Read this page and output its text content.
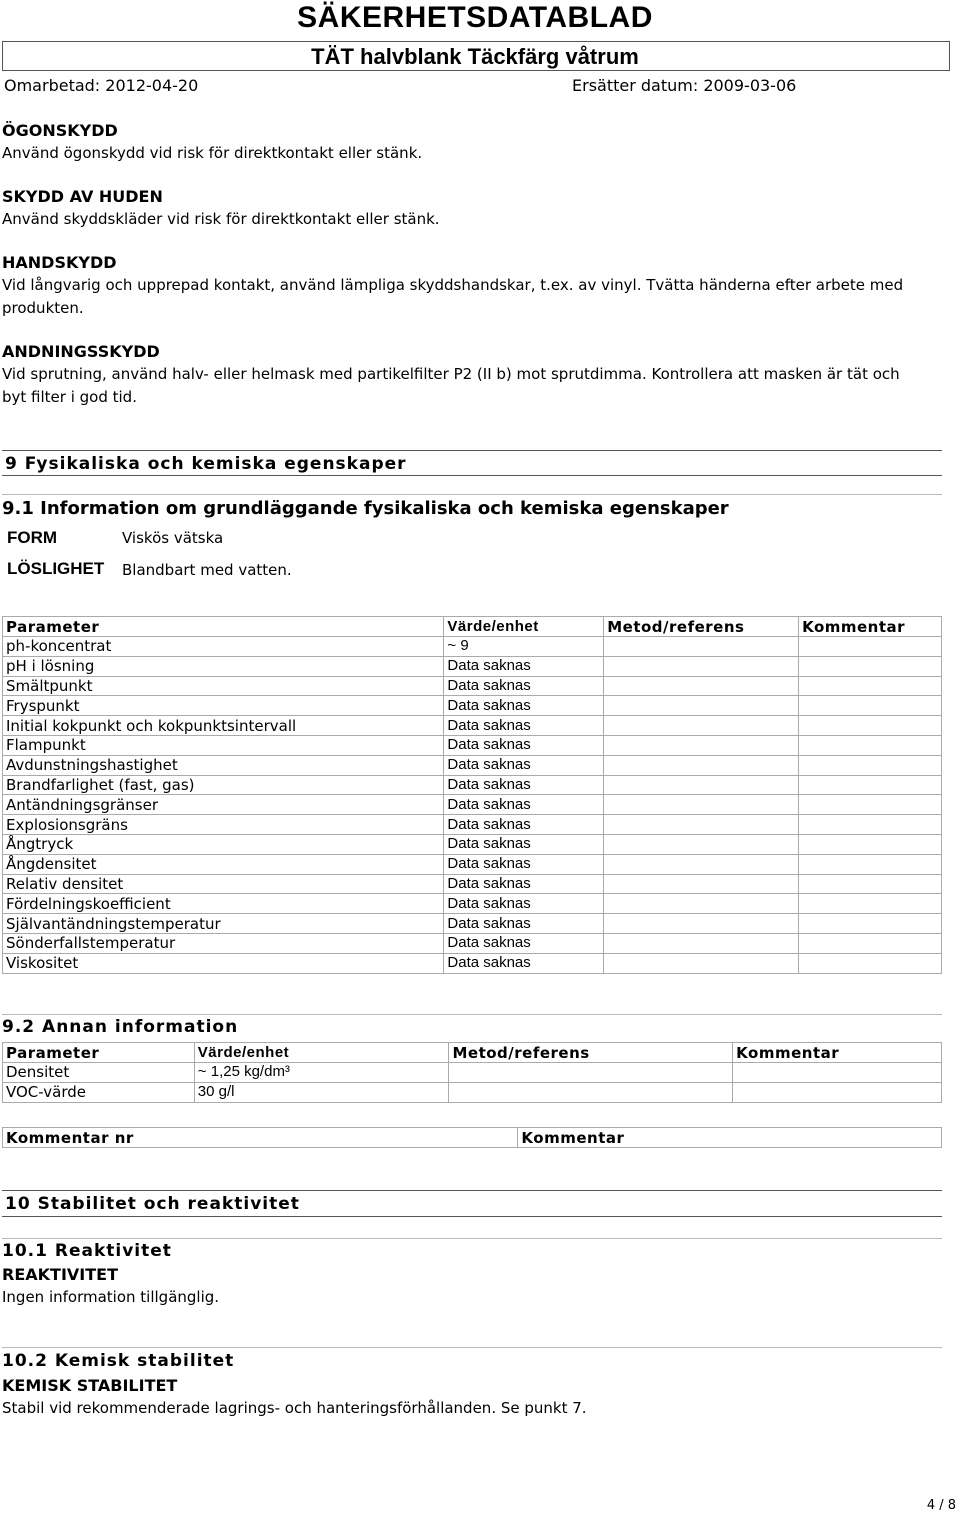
SÄKERHETSDATABLAD
TÄT halvblank Täckfärg våtrum
Omarbetad: 2012-04-20	Ersätter datum: 2009-03-06

ÖGONSKYDD

Använd ögonskydd vid risk för direktkontakt eller stänk.

SKYDD AV HUDEN

Använd skyddskläder vid risk för direktkontakt eller stänk.

HANDSKYDD

Vid långvarig och upprepad kontakt, använd lämpliga skyddshandskar, t.ex. av vinyl. Tvätta händerna efter arbete med

produkten.

ANDNINGSSKYDD

Vid sprutning, använd halv- eller helmask med partikelfilter P2 (II b) mot sprutdimma. Kontrollera att masken är tät och

byt filter i god tid.

9 Fysikaliska och kemiska egenskaper
9.1 Information om grundläggande fysikaliska och kemiska egenskaper
FORM	Viskös vätska
LÖSLIGHET	Blandbart med vatten.
Parameter	Värde/enhet	Metod/referens	Kommentar
ph-koncentrat	~ 9		
pH i lösning	Data saknas		
Smältpunkt	Data saknas		
Fryspunkt	Data saknas		
Initial kokpunkt och kokpunktsintervall	Data saknas		
Flampunkt	Data saknas		
Avdunstningshastighet	Data saknas		
Brandfarlighet (fast, gas)	Data saknas		
Antändningsgränser	Data saknas		
Explosionsgräns	Data saknas		
Ångtryck	Data saknas		
Ångdensitet	Data saknas		
Relativ densitet	Data saknas		
Fördelningskoefficient	Data saknas		
Självantändningstemperatur	Data saknas		
Sönderfallstemperatur	Data saknas		
Viskositet	Data saknas		
9.2 Annan information
Parameter	Värde/enhet	Metod/referens	Kommentar
Densitet	~ 1,25 kg/dm³		
VOC-värde	30 g/l		
Kommentar nr	Kommentar
10 Stabilitet och reaktivitet
10.1 Reaktivitet

REAKTIVITET

Ingen information tillgänglig.

10.2 Kemisk stabilitet

KEMISK STABILITET

Stabil vid rekommenderade lagrings- och hanteringsförhållanden. Se punkt 7.

4 / 8
